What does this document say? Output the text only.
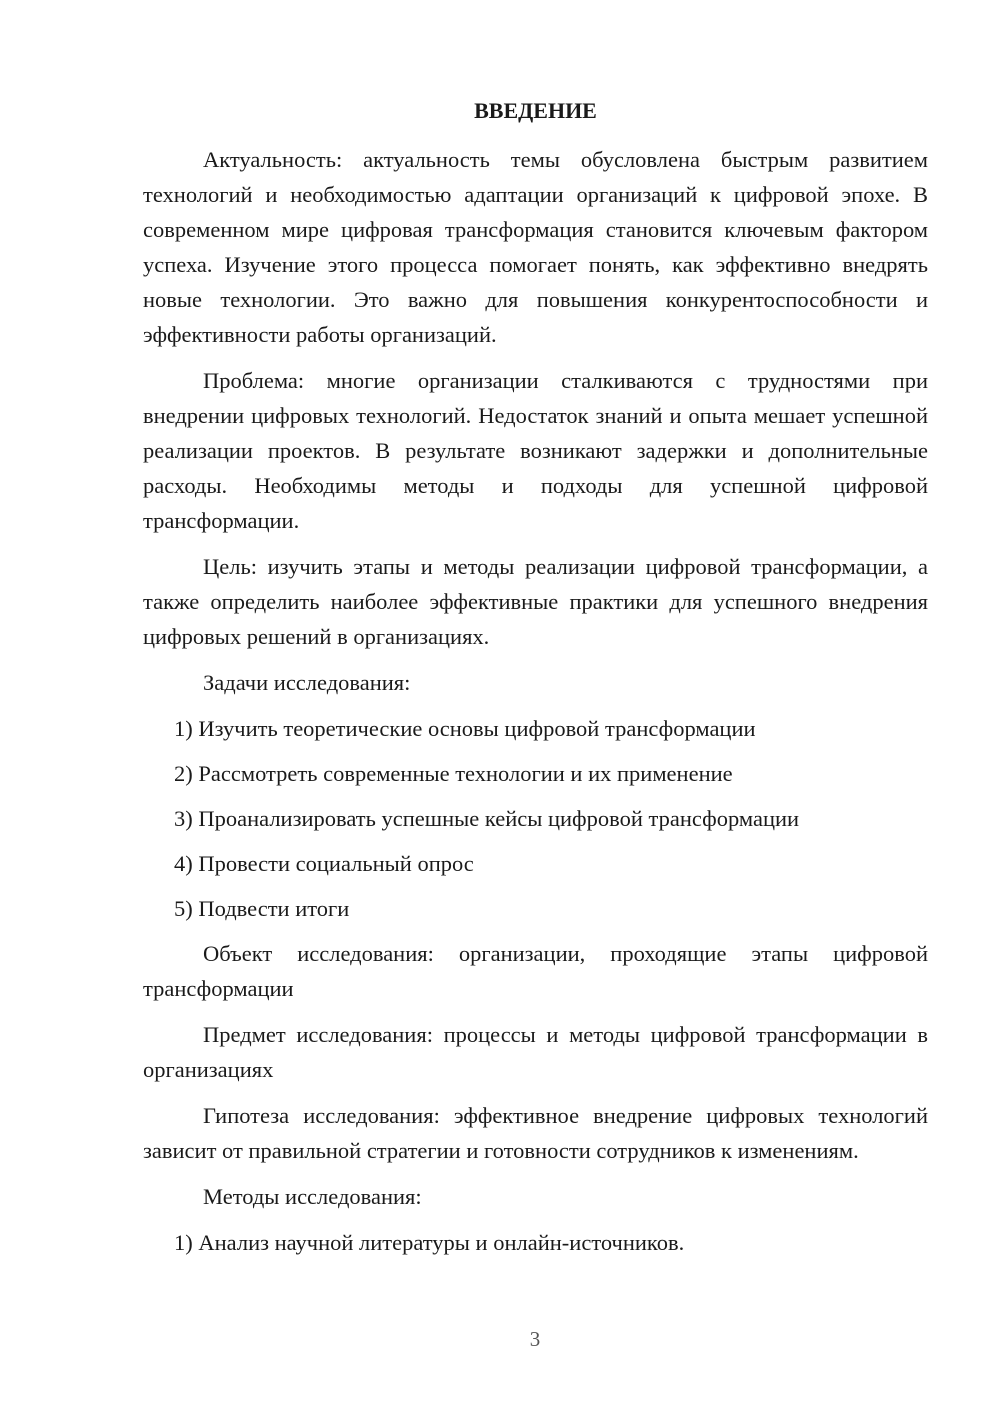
ВВЕДЕНИЕ

Актуальность: актуальность темы обусловлена быстрым развитием технологий и необходимостью адаптации организаций к цифровой эпохе. В современном мире цифровая трансформация становится ключевым фактором успеха. Изучение этого процесса помогает понять, как эффективно внедрять новые технологии. Это важно для повышения конкурентоспособности и эффективности работы организаций.

Проблема: многие организации сталкиваются с трудностями при внедрении цифровых технологий. Недостаток знаний и опыта мешает успешной реализации проектов. В результате возникают задержки и дополнительные расходы. Необходимы методы и подходы для успешной цифровой трансформации.

Цель: изучить этапы и методы реализации цифровой трансформации, а также определить наиболее эффективные практики для успешного внедрения цифровых решений в организациях.

Задачи исследования:

1) Изучить теоретические основы цифровой трансформации

2) Рассмотреть современные технологии и их применение

3) Проанализировать успешные кейсы цифровой трансформации

4) Провести социальный опрос

5) Подвести итоги

Объект исследования: организации, проходящие этапы цифровой трансформации

Предмет исследования: процессы и методы цифровой трансформации в организациях

Гипотеза исследования: эффективное внедрение цифровых технологий зависит от правильной стратегии и готовности сотрудников к изменениям.

Методы исследования:

1) Анализ научной литературы и онлайн-источников.

3
